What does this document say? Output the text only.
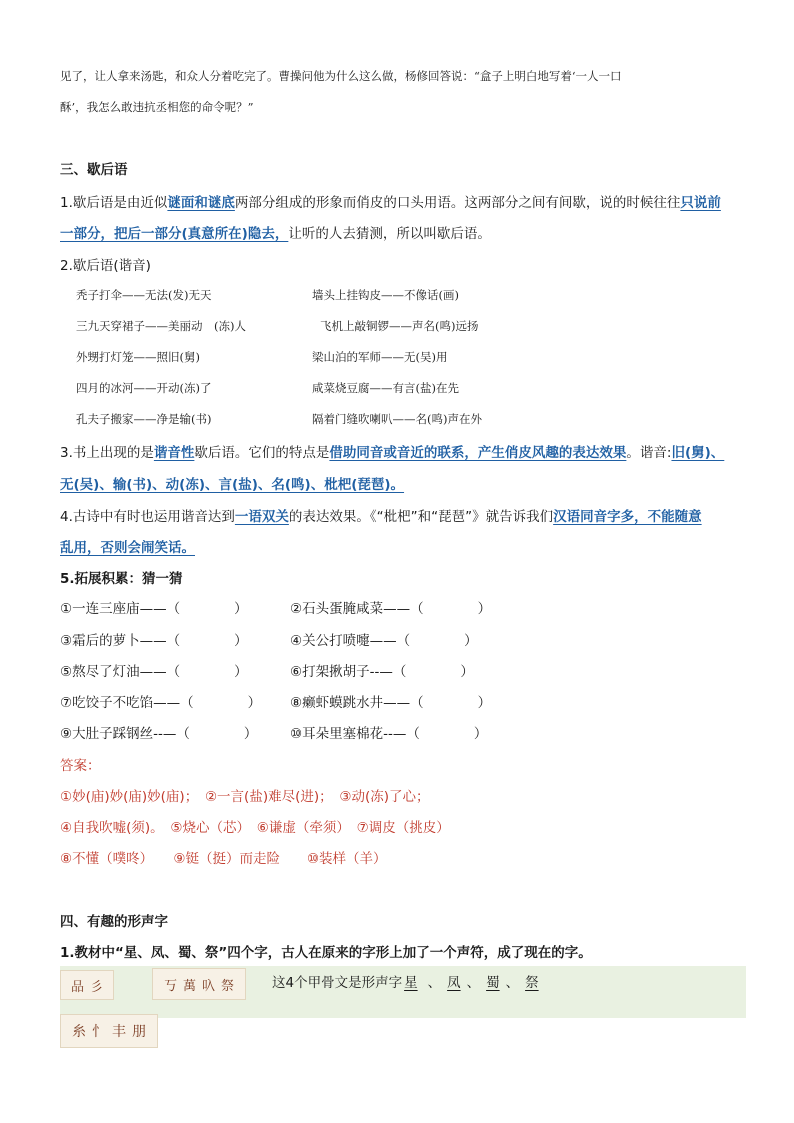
见了，让人拿来汤匙，和众人分着吃完了。曹操问他为什么这么做，杨修回答说：“盒子上明白地写着‘一人一口
酥’，我怎么敢违抗丞相您的命令呢？”
三、歇后语
1.歇后语是由近似谜面和谜底两部分组成的形象而俏皮的口头用语。这两部分之间有间歇，说的时候往往只说前
一部分，把后一部分(真意所在)隐去，让听的人去猜测，所以叫歇后语。
2.歇后语(谐音)
秃子打伞——无法(发)无天	墙头上挂钩皮——不像话(画)
三九天穿裙子——美丽动　(冻)人	飞机上敲铜锣——声名(鸣)远扬
外甥打灯笼——照旧(舅)	梁山泊的军师——无(吴)用
四月的冰河——开动(冻)了	咸菜烧豆腐——有言(盐)在先
孔夫子搬家——净是输(书)	隔着门缝吹喇叭——名(鸣)声在外
3.书上出现的是谐音性歇后语。它们的特点是借助同音或音近的联系，产生俏皮风趣的表达效果。谐音:旧(舅)、
无(吴)、输(书)、动(冻)、言(盐)、名(鸣)、枇杷(琵琶)。
4.古诗中有时也运用谐音达到一语双关的表达效果。《“枇杷”和“琵琶”》就告诉我们汉语同音字多，不能随意
乱用，否则会闹笑话。
5.拓展积累：猜一猜
①一连三座庙——（　　　　）	②石头蛋腌咸菜——（　　　　）
③霜后的萝卜——（　　　　）	④关公打喷嚏——（　　　　）
⑤熬尽了灯油——（　　　　）	⑥打架揪胡子--—（　　　　）
⑦吃饺子不吃馅——（　　　　） ⑧癞虾蟆跳水井——（　　　　）
⑨大肚子踩钢丝--—（　　　　） ⑩耳朵里塞棉花--—（　　　　）
答案：
①妙(庙)妙(庙)妙(庙)；　②一言(盐)难尽(进)；　③动(冻)了心；
④自我吹嘘(须)。　⑤烧心（芯）　⑥谦虚（牵须）　⑦调皮（挑皮）
⑧不懂（噗咚）　　⑨铤（挺）而走险　　⑩装样（羊）
四、有趣的形声字
1.教材中“星、凤、蜀、祭”四个字，古人在原来的字形上加了一个声符，成了现在的字。
品 彡	丂 萬 叺 祭	这4个甲骨文是形声字 星 、 凤 、 蜀 、 祭
糸 忄 丰 朋
